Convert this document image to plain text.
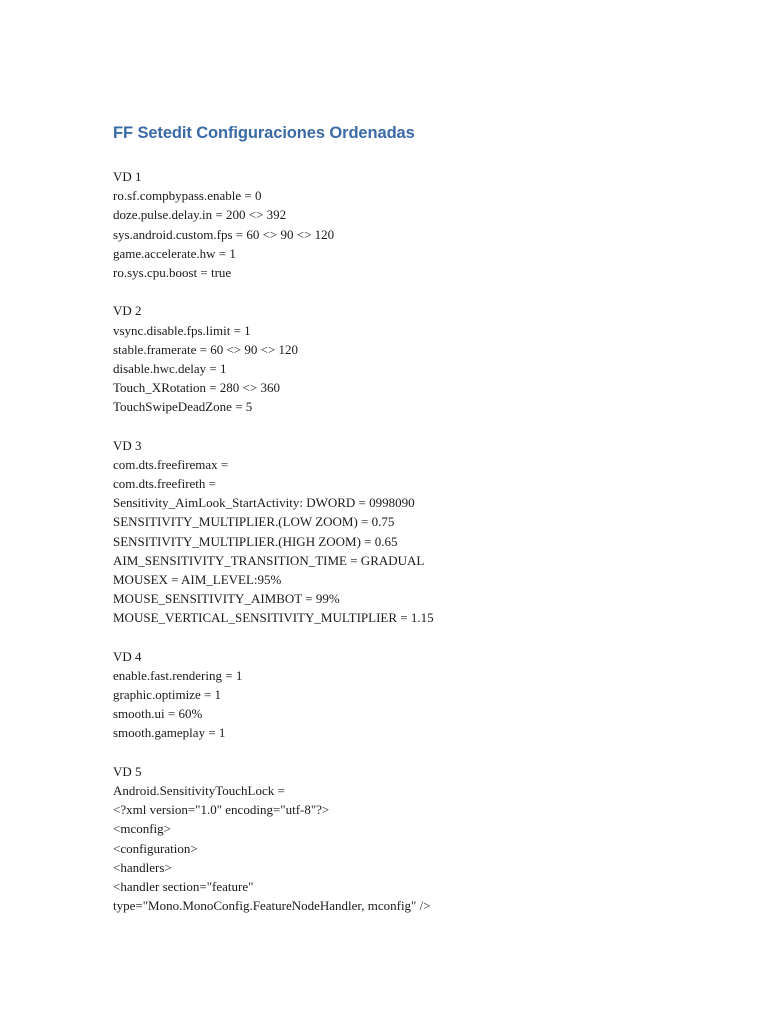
FF Setedit Configuraciones Ordenadas
VD 1
ro.sf.compbypass.enable = 0
doze.pulse.delay.in = 200 <> 392
sys.android.custom.fps = 60 <> 90 <> 120
game.accelerate.hw = 1
ro.sys.cpu.boost = true
VD 2
vsync.disable.fps.limit = 1
stable.framerate = 60 <> 90 <> 120
disable.hwc.delay = 1
Touch_XRotation = 280 <> 360
TouchSwipeDeadZone = 5
VD 3
com.dts.freefiremax =
com.dts.freefireth =
Sensitivity_AimLook_StartActivity: DWORD = 0998090
SENSITIVITY_MULTIPLIER.(LOW ZOOM) = 0.75
SENSITIVITY_MULTIPLIER.(HIGH ZOOM) = 0.65
AIM_SENSITIVITY_TRANSITION_TIME = GRADUAL
MOUSEX = AIM_LEVEL:95%
MOUSE_SENSITIVITY_AIMBOT = 99%
MOUSE_VERTICAL_SENSITIVITY_MULTIPLIER = 1.15
VD 4
enable.fast.rendering = 1
graphic.optimize = 1
smooth.ui = 60%
smooth.gameplay = 1
VD 5
Android.SensitivityTouchLock =
<?xml version="1.0" encoding="utf-8"?>
<mconfig>
<configuration>
<handlers>
<handler section="feature"
type="Mono.MonoConfig.FeatureNodeHandler, mconfig" />
